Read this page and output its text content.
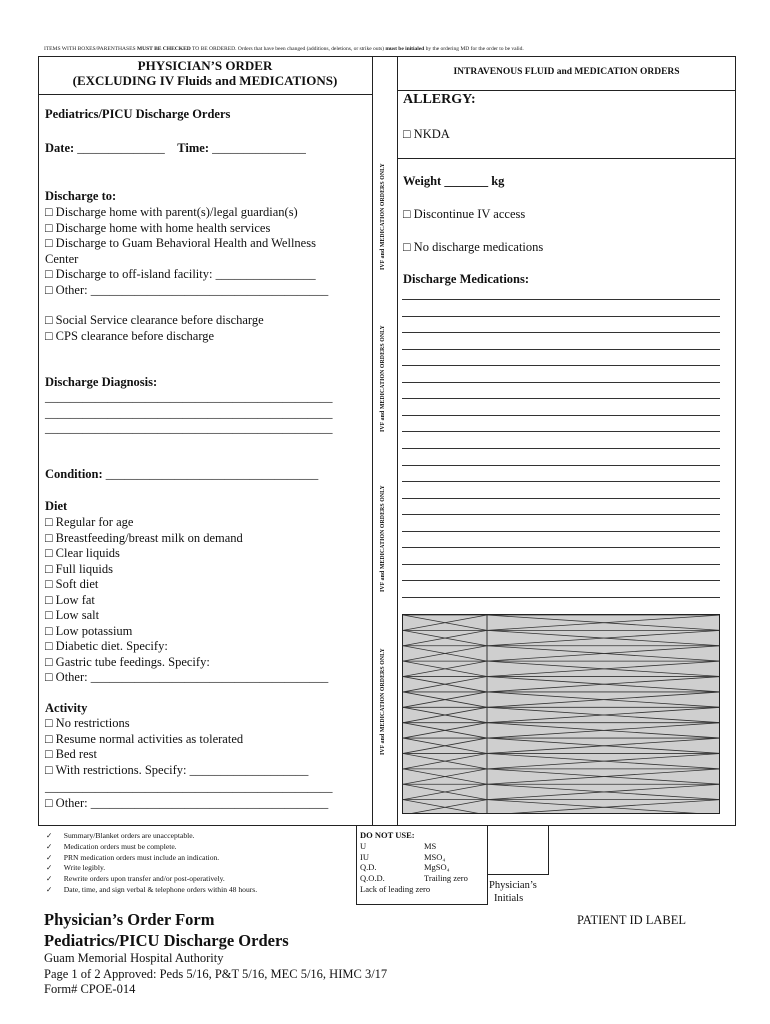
ITEMS WITH BOXES/PARENTHASES MUST BE CHECKED TO BE ORDERED. Orders that have been changed (additions, deletions, or strike outs) must be initialed by the ordering MD for the order to be valid.
PHYSICIAN’S ORDER
(EXCLUDING IV Fluids and MEDICATIONS)
INTRAVENOUS FLUID and MEDICATION ORDERS
IVF and MEDICATION ORDERS ONLY
IVF and MEDICATION ORDERS ONLY
IVF and MEDICATION ORDERS ONLY
IVF and MEDICATION ORDERS ONLY
Pediatrics/PICU Discharge Orders
Date: ______________ Time: _______________
Discharge to:
□ Discharge home with parent(s)/legal guardian(s)
□ Discharge home with home health services
□ Discharge to Guam Behavioral Health and Wellness
Center
□ Discharge to off-island facility: ________________
□ Other: ______________________________________
□ Social Service clearance before discharge
□ CPS clearance before discharge
Discharge Diagnosis:
______________________________________________
______________________________________________
______________________________________________
Condition: __________________________________
Diet
□ Regular for age
□ Breastfeeding/breast milk on demand
□ Clear liquids
□ Full liquids
□ Soft diet
□ Low fat
□ Low salt
□ Low potassium
□ Diabetic diet. Specify:
□ Gastric tube feedings. Specify:
□ Other: ______________________________________
Activity
□ No restrictions
□ Resume normal activities as tolerated
□ Bed rest
□ With restrictions. Specify: ___________________
______________________________________________
□ Other: ______________________________________
ALLERGY:
□ NKDA
Weight _______ kg
□ Discontinue IV access
□ No discharge medications
Discharge Medications:
✓ Summary/Blanket orders are unacceptable.
✓ Medication orders must be complete.
✓ PRN medication orders must include an indication.
✓ Write legibly.
✓ Rewrite orders upon transfer and/or post-operatively.
✓ Date, time, and sign verbal & telephone orders within 48 hours.
DO NOT USE:
U	MS
IU	MSO₄
Q.D.	MgSO₄
Q.O.D.	Trailing zero
Lack of leading zero	Physician’s
Initials
Physician’s Order Form
Pediatrics/PICU Discharge Orders
PATIENT ID LABEL
Guam Memorial Hospital Authority
Page 1 of 2 Approved: Peds 5/16, P&T 5/16, MEC 5/16, HIMC 3/17
Form# CPOE-014
